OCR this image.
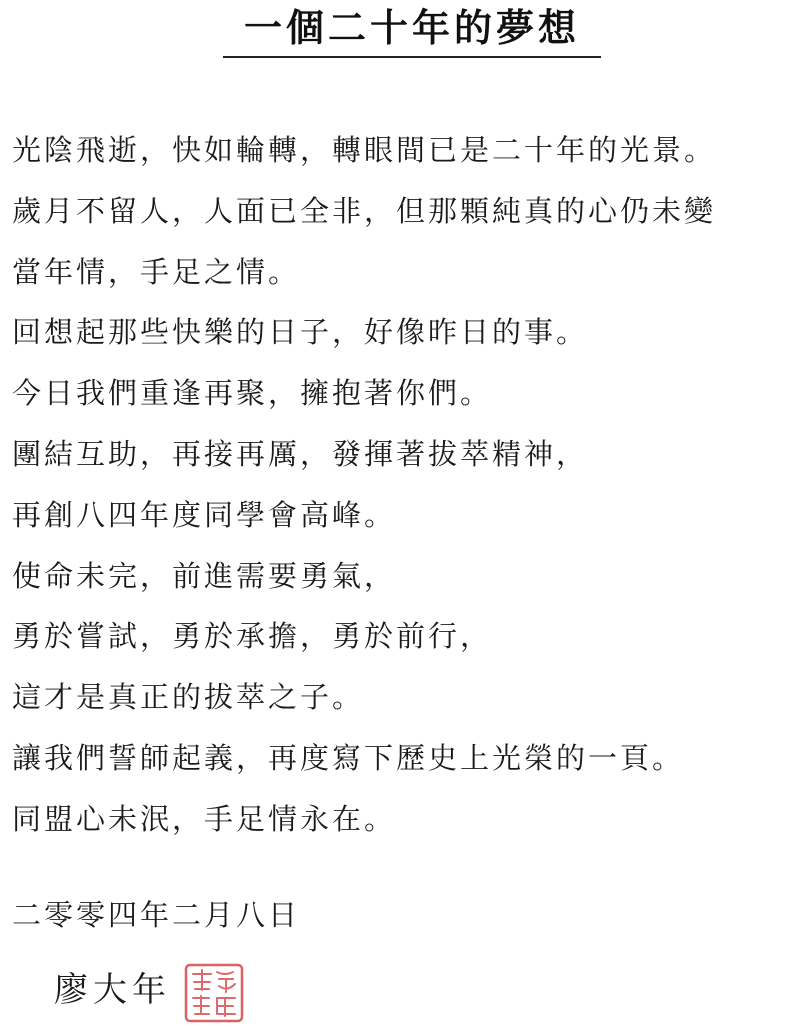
一個二十年的夢想
光陰飛逝，快如輪轉，轉眼間已是二十年的光景。
歲月不留人，人面已全非，但那顆純真的心仍未變
當年情，手足之情。
回想起那些快樂的日子，好像昨日的事。
今日我們重逢再聚，擁抱著你們。
團結互助，再接再厲，發揮著拔萃精神，
再創八四年度同學會高峰。
使命未完，前進需要勇氣，
勇於嘗試，勇於承擔，勇於前行，
這才是真正的拔萃之子。
讓我們誓師起義，再度寫下歷史上光榮的一頁。
同盟心未泯，手足情永在。
二零零四年二月八日
廖大年
